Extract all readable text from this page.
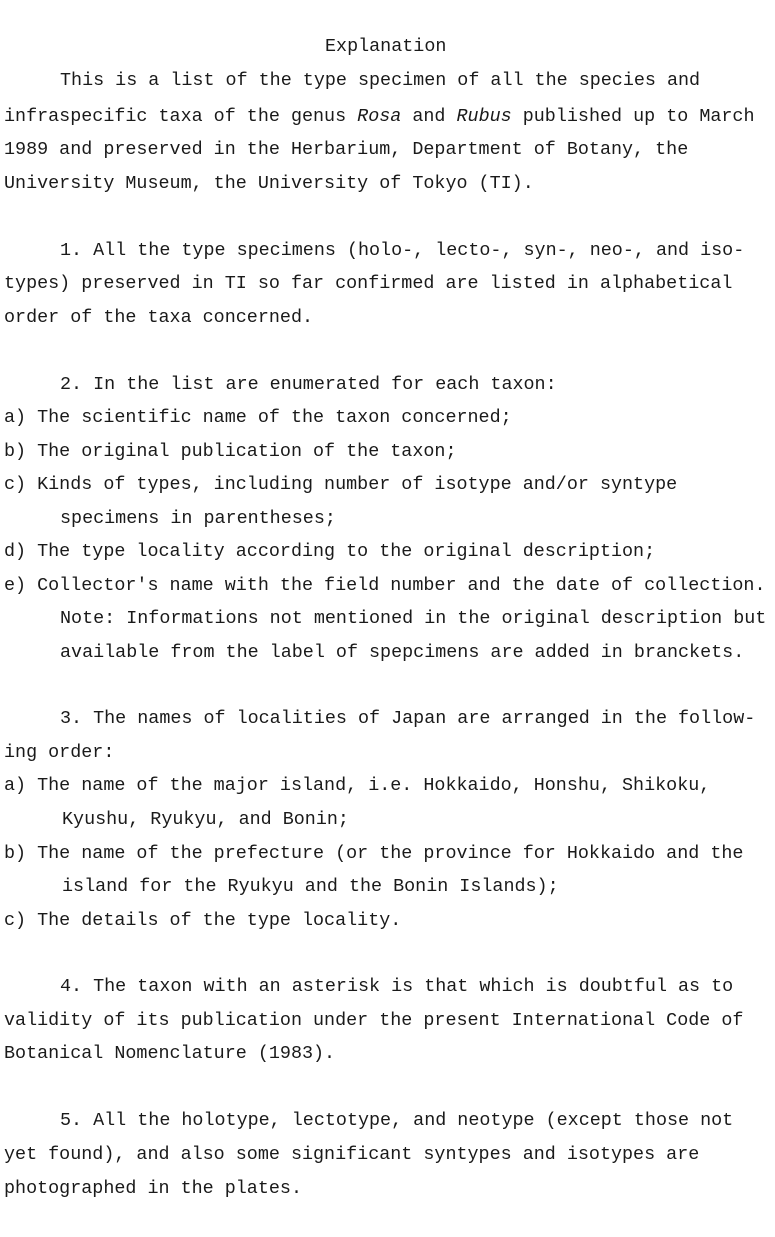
Explanation
This is a list of the type specimen of all the species and
infraspecific taxa of the genus Rosa and Rubus published up to March
1989 and preserved in the Herbarium, Department of Botany, the
University Museum, the University of Tokyo (TI).
1. All the type specimens (holo-, lecto-, syn-, neo-, and iso-
types) preserved in TI so far confirmed are listed in alphabetical
order of the taxa concerned.
2. In the list are enumerated for each taxon:
a) The scientific name of the taxon concerned;
b) The original publication of the taxon;
c) Kinds of types, including number of isotype and/or syntype
specimens in parentheses;
d) The type locality according to the original description;
e) Collector's name with the field number and the date of collection.
Note: Informations not mentioned in the original description but
available from the label of spepcimens are added in branckets.
3. The names of localities of Japan are arranged in the follow-
ing order:
a) The name of the major island, i.e. Hokkaido, Honshu, Shikoku,
Kyushu, Ryukyu, and Bonin;
b) The name of the prefecture (or the province for Hokkaido and the
island for the Ryukyu and the Bonin Islands);
c) The details of the type locality.
4. The taxon with an asterisk is that which is doubtful as to
validity of its publication under the present International Code of
Botanical Nomenclature (1983).
5. All the holotype, lectotype, and neotype (except those not
yet found), and also some significant syntypes and isotypes are
photographed in the plates.
